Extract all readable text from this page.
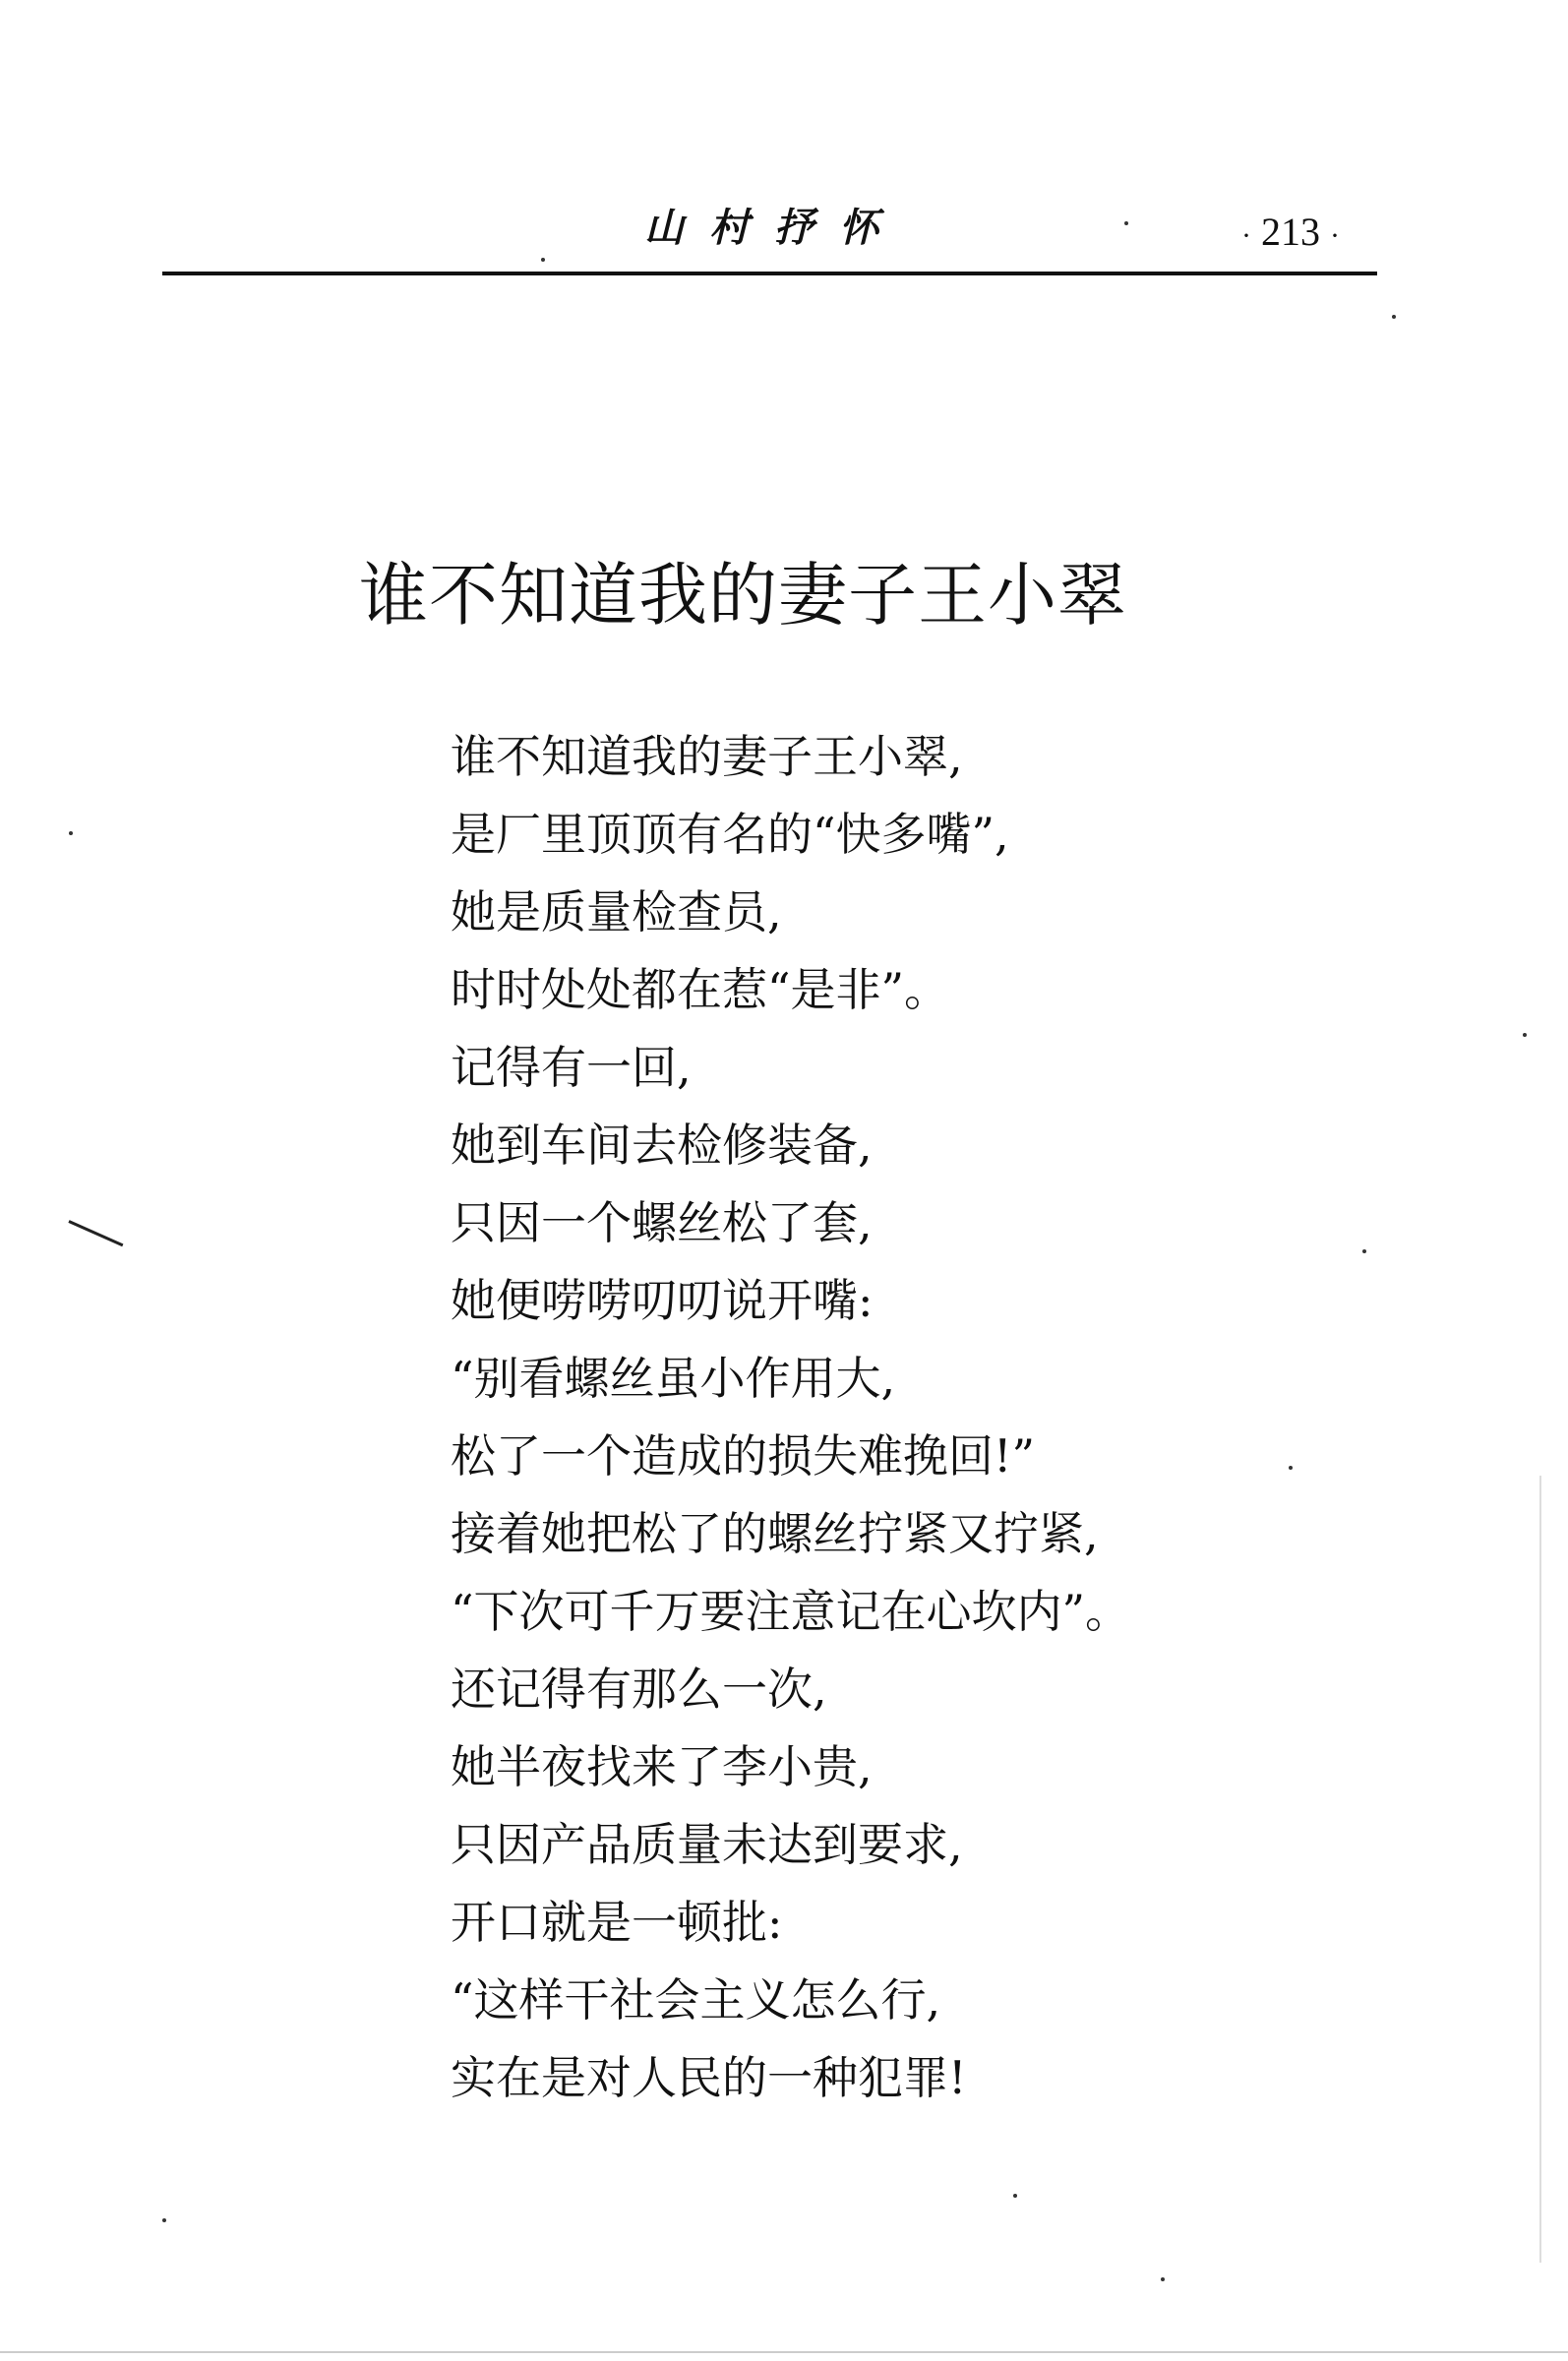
山村抒怀	· 213 ·
谁不知道我的妻子王小翠
谁不知道我的妻子王小翠,
是厂里顶顶有名的“快多嘴”,
她是质量检查员,
时时处处都在惹“是非”。
记得有一回,
她到车间去检修装备,
只因一个螺丝松了套,
她便唠唠叨叨说开嘴:
“别看螺丝虽小作用大,
松了一个造成的损失难挽回!”
接着她把松了的螺丝拧紧又拧紧,
“下次可千万要注意记在心坎内”。
还记得有那么一次,
她半夜找来了李小贵,
只因产品质量未达到要求,
开口就是一顿批:
“这样干社会主义怎么行,
实在是对人民的一种犯罪!
